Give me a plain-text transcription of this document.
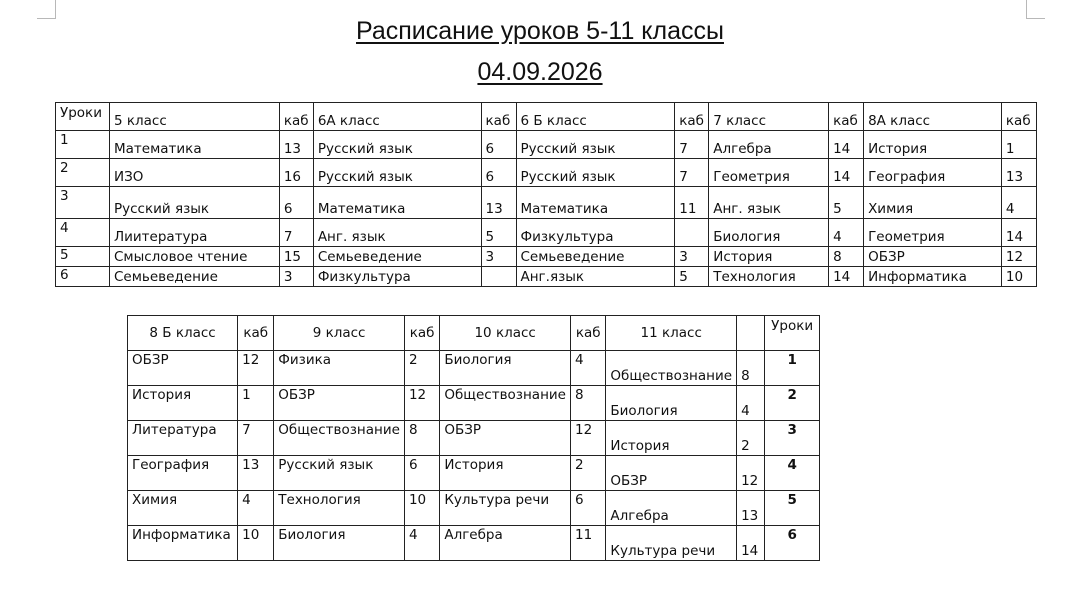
Расписание уроков 5-11 классы
04.09.2026
Уроки	5 класс	каб	6А класс	каб	6 Б класс	каб	7 класс	каб	8А класс	каб
1	Математика	13	Русский язык	6	Русский язык	7	Алгебра	14	История	1
2	ИЗО	16	Русский язык	6	Русский язык	7	Геометрия	14	География	13
3	Русский язык	6	Математика	13	Математика	11	Анг. язык	5	Химия	4
4	Лиитература	7	Анг. язык	5	Физкультура		Биология	4	Геометрия	14
5	Смысловое чтение	15	Семьеведение	3	Семьеведение	3	История	8	ОБЗР	12
6	Семьеведение	3	Физкультура		Анг.язык	5	Технология	14	Информатика	10
8 Б класс	каб	9 класс	каб	10 класс	каб	11 класс		Уроки
ОБЗР	12	Физика	2	Биология	4	Обществознание	8	1
История	1	ОБЗР	12	Обществознание	8	Биология	4	2
Литература	7	Обществознание	8	ОБЗР	12	История	2	3
География	13	Русский язык	6	История	2	ОБЗР	12	4
Химия	4	Технология	10	Культура речи	6	Алгебра	13	5
Информатика	10	Биология	4	Алгебра	11	Культура речи	14	6
